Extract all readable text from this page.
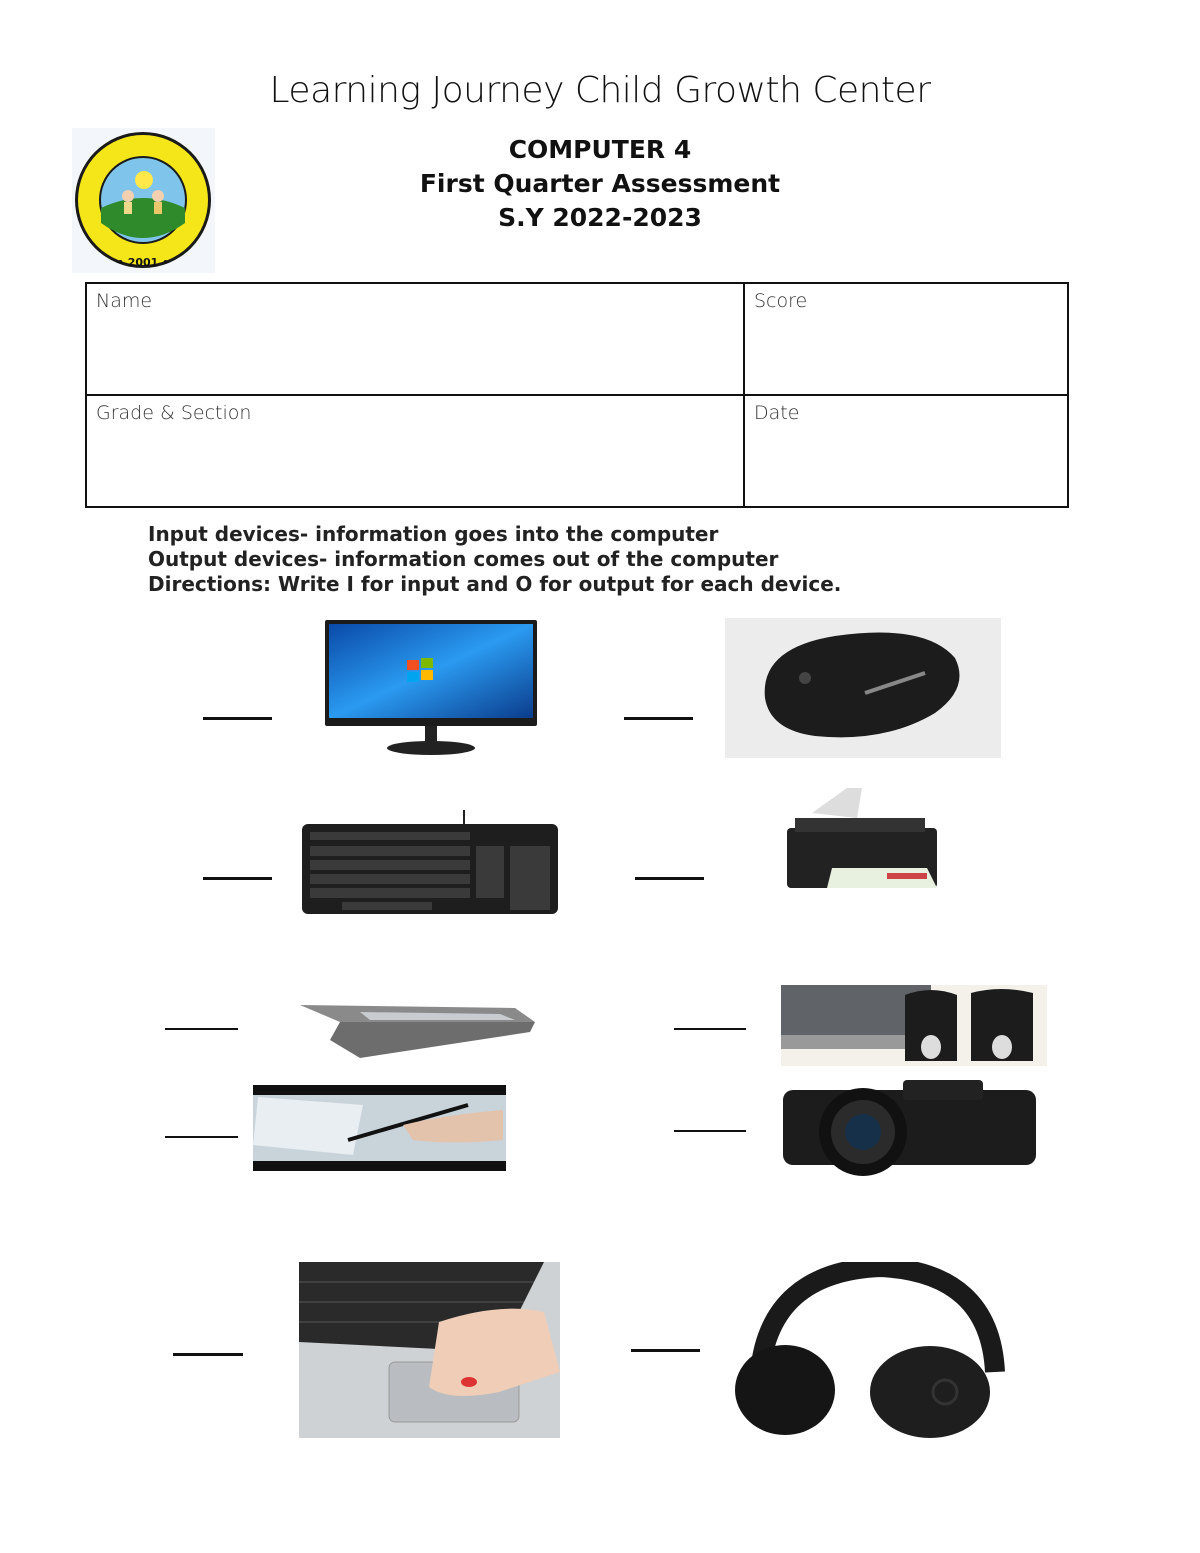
Learning Journey Child Growth Center
• 2001 •
COMPUTER 4
First Quarter Assessment
S.Y 2022-2023
Name	Score
Grade & Section	Date
Input devices- information goes into the computer
Output devices- information comes out of the computer
Directions: Write I for input and O for output for each device.
